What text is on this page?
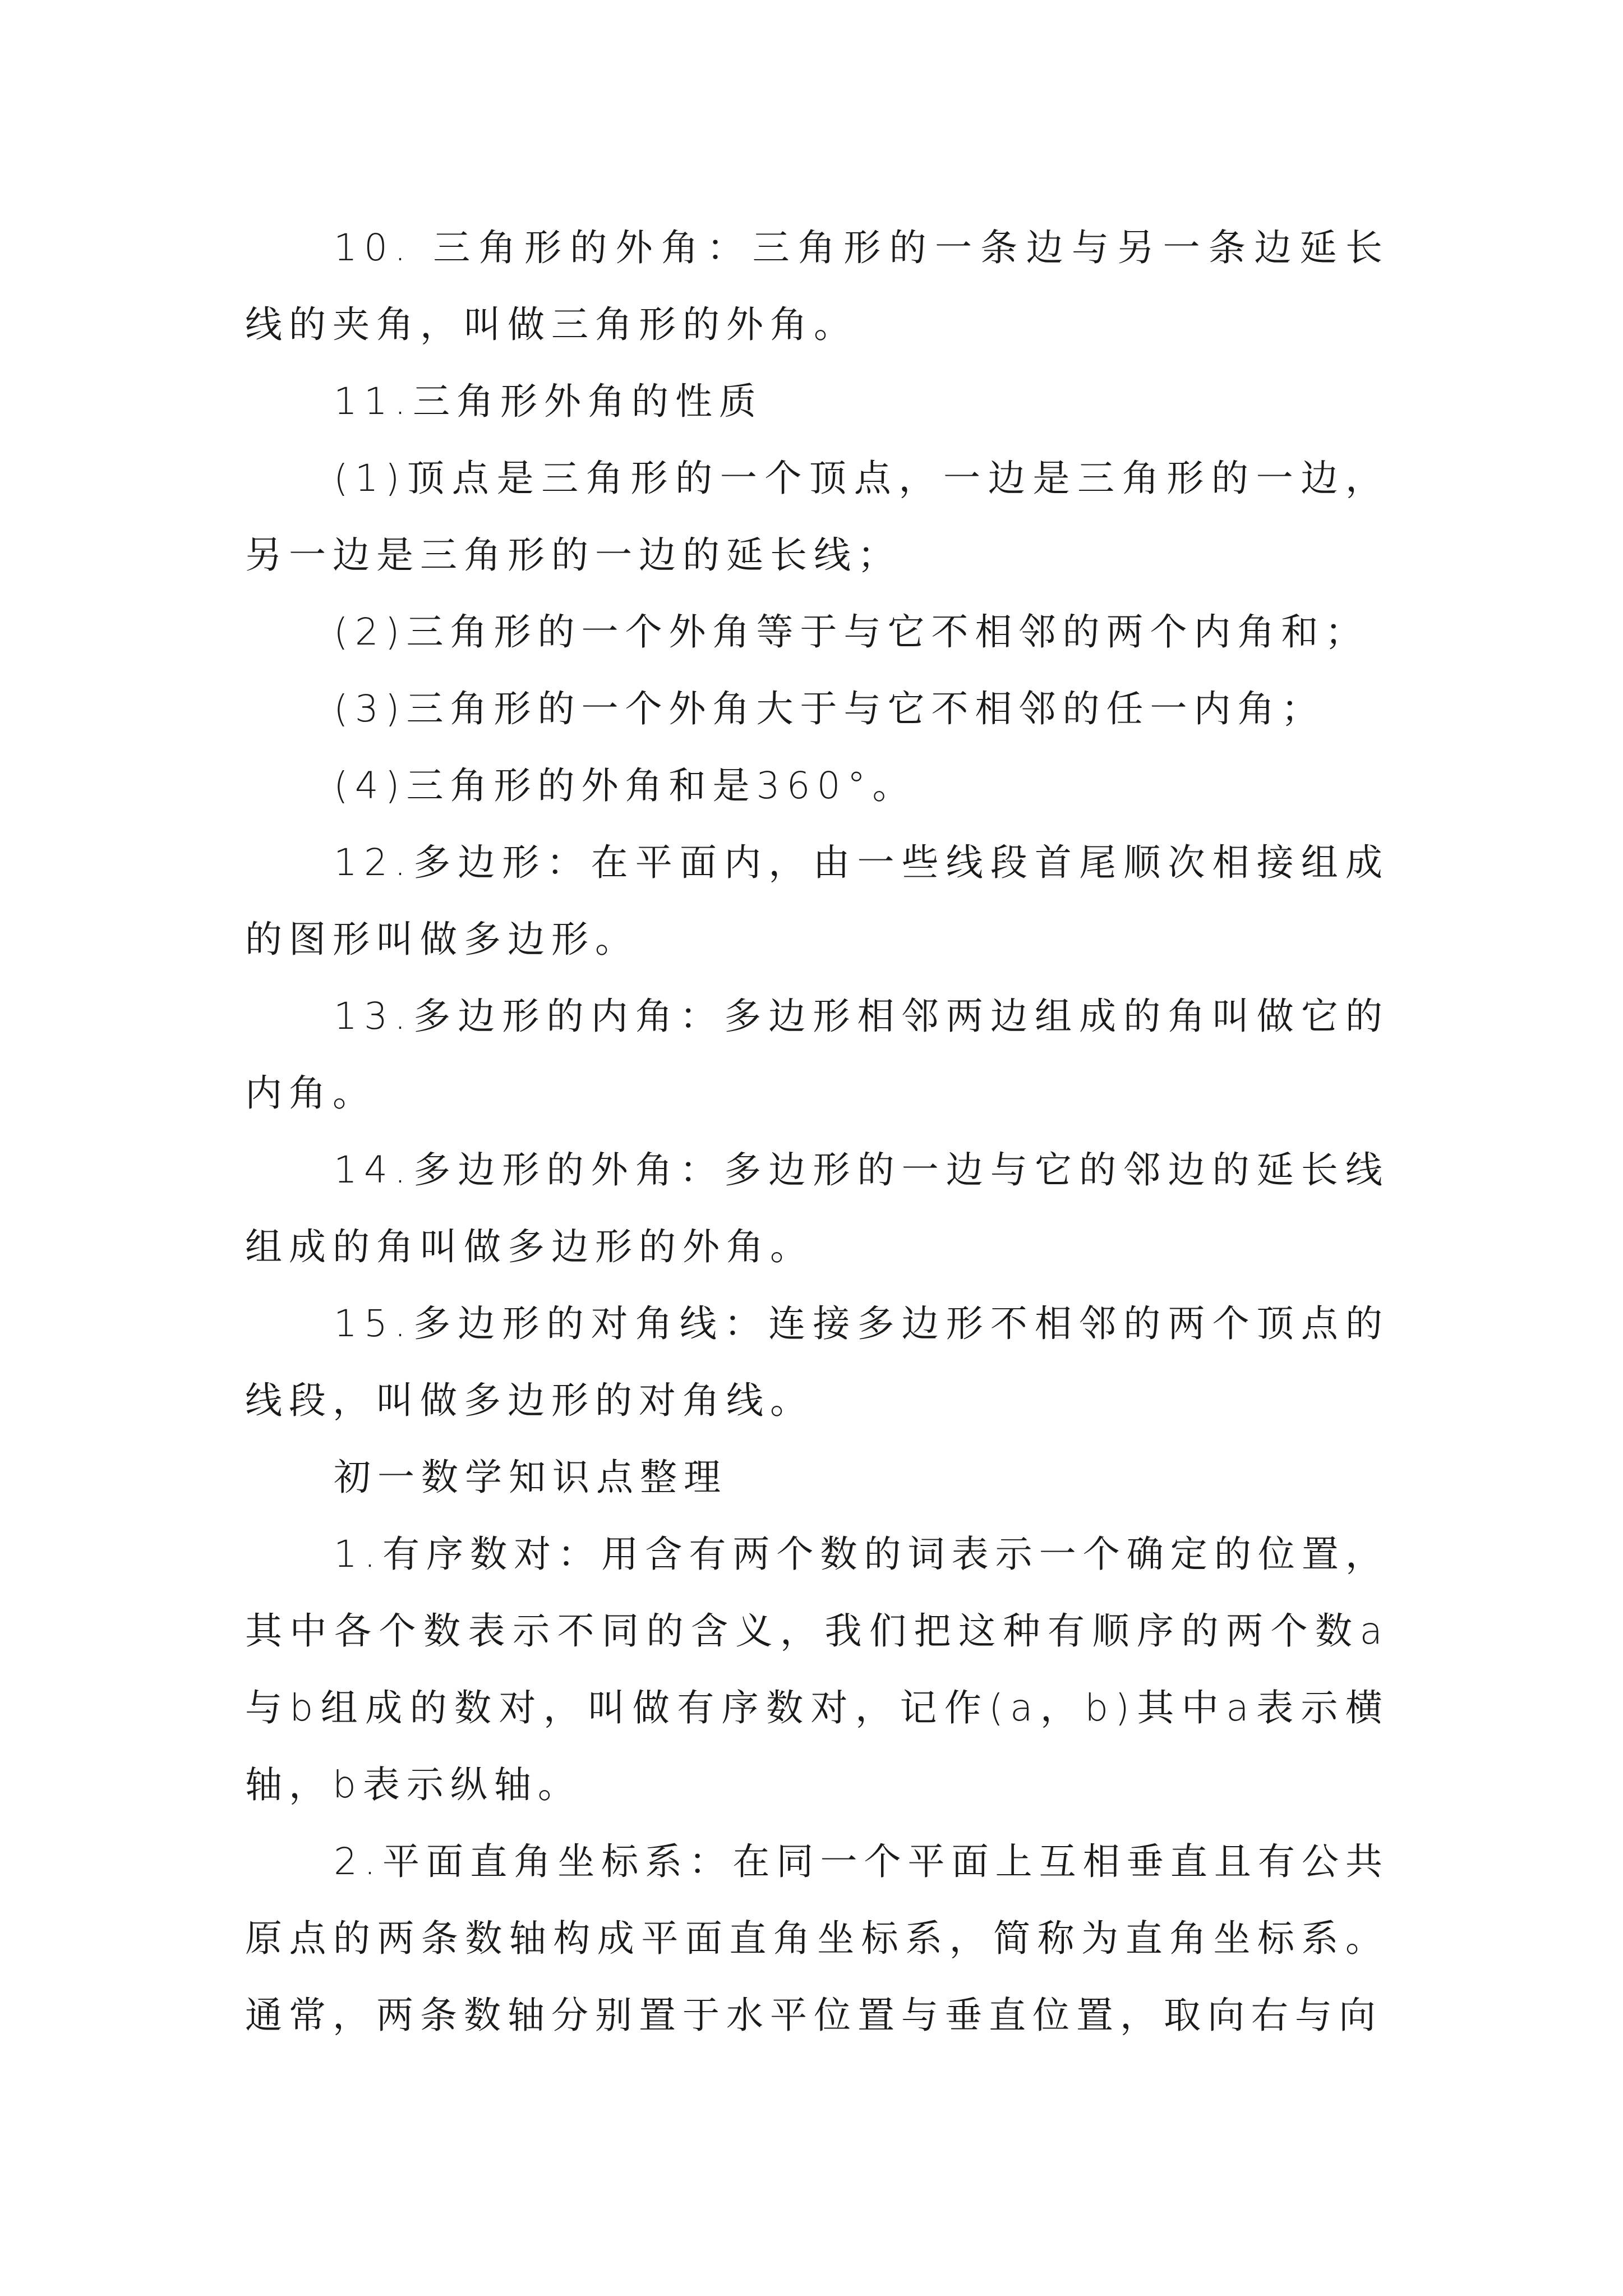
10. 三角形的外角：三角形的一条边与另一条边延长线的夹角，叫做三角形的外角。

11.三角形外角的性质

(1)顶点是三角形的一个顶点，一边是三角形的一边，另一边是三角形的一边的延长线；

(2)三角形的一个外角等于与它不相邻的两个内角和；

(3)三角形的一个外角大于与它不相邻的任一内角；

(4)三角形的外角和是360°。

12.多边形：在平面内，由一些线段首尾顺次相接组成的图形叫做多边形。

13.多边形的内角：多边形相邻两边组成的角叫做它的内角。

14.多边形的外角：多边形的一边与它的邻边的延长线组成的角叫做多边形的外角。

15.多边形的对角线：连接多边形不相邻的两个顶点的线段，叫做多边形的对角线。

初一数学知识点整理

1.有序数对：用含有两个数的词表示一个确定的位置，其中各个数表示不同的含义，我们把这种有顺序的两个数a与b组成的数对，叫做有序数对，记作(a，b)其中a表示横轴，b表示纵轴。

2.平面直角坐标系：在同一个平面上互相垂直且有公共原点的两条数轴构成平面直角坐标系，简称为直角坐标系。通常，两条数轴分别置于水平位置与垂直位置，取向右与向
